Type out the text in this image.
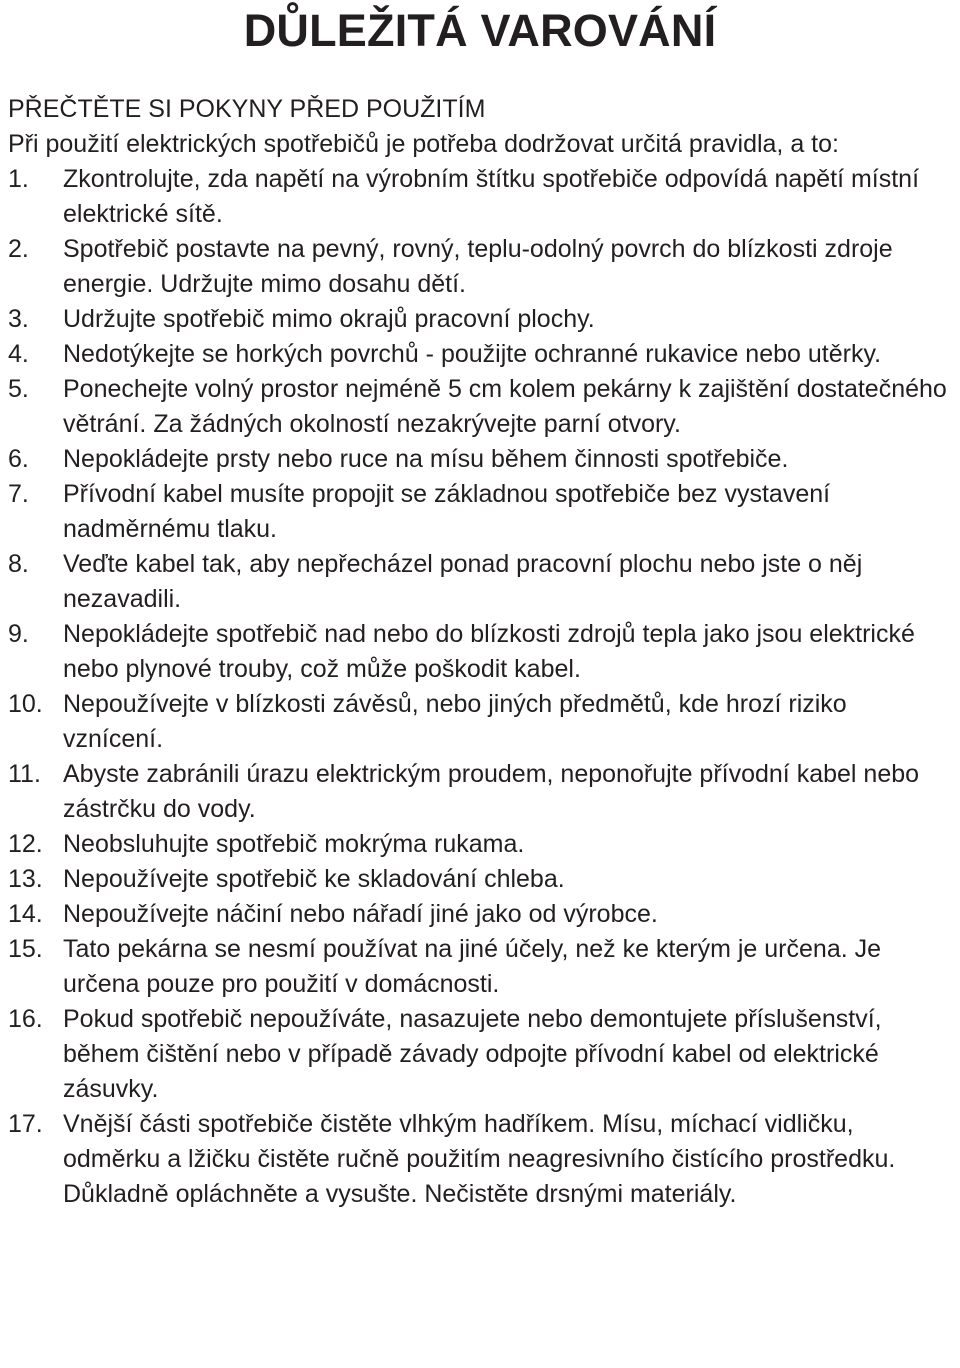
DŮLEŽITÁ VAROVÁNÍ

PŘEČTĚTE SI POKYNY PŘED POUŽITÍM

Při použití elektrických spotřebičů je potřeba dodržovat určitá pravidla, a to:

1.	Zkontrolujte, zda napětí na výrobním štítku spotřebiče odpovídá napětí místní elektrické sítě.
2.	Spotřebič postavte na pevný, rovný, teplu-odolný povrch do blízkosti zdroje energie. Udržujte mimo dosahu dětí.
3.	Udržujte spotřebič mimo okrajů pracovní plochy.
4.	Nedotýkejte se horkých povrchů - použijte ochranné rukavice nebo utěrky.
5.	Ponechejte volný prostor nejméně 5 cm kolem pekárny k zajištění dostatečného větrání. Za žádných okolností nezakrývejte parní otvory.
6.	Nepokládejte prsty nebo ruce na mísu během činnosti spotřebiče.
7.	Přívodní kabel musíte propojit se základnou spotřebiče bez vystavení nadměrnému tlaku.
8.	Veďte kabel tak, aby nepřecházel ponad pracovní plochu nebo jste o něj nezavadili.
9.	Nepokládejte spotřebič nad nebo do blízkosti zdrojů tepla jako jsou elektrické nebo plynové trouby, což může poškodit kabel.
10. Nepoužívejte v blízkosti závěsů, nebo jiných předmětů, kde hrozí riziko vznícení.
11. Abyste zabránili úrazu elektrickým proudem, neponořujte přívodní kabel nebo zástrčku do vody.
12. Neobsluhujte spotřebič mokrýma rukama.
13. Nepoužívejte spotřebič ke skladování chleba.
14. Nepoužívejte náčiní nebo nářadí jiné jako od výrobce.
15. Tato pekárna se nesmí používat na jiné účely, než ke kterým je určena. Je určena pouze pro použití v domácnosti.
16. Pokud spotřebič nepoužíváte, nasazujete nebo demontujete příslušenství, během čištění nebo v případě závady odpojte přívodní kabel od elektrické zásuvky.
17. Vnější části spotřebiče čistěte vlhkým hadříkem. Mísu, míchací vidličku, odměrku a lžičku čistěte ručně použitím neagresivního čistícího prostředku. Důkladně opláchněte a vysušte. Nečistěte drsnými materiály.
